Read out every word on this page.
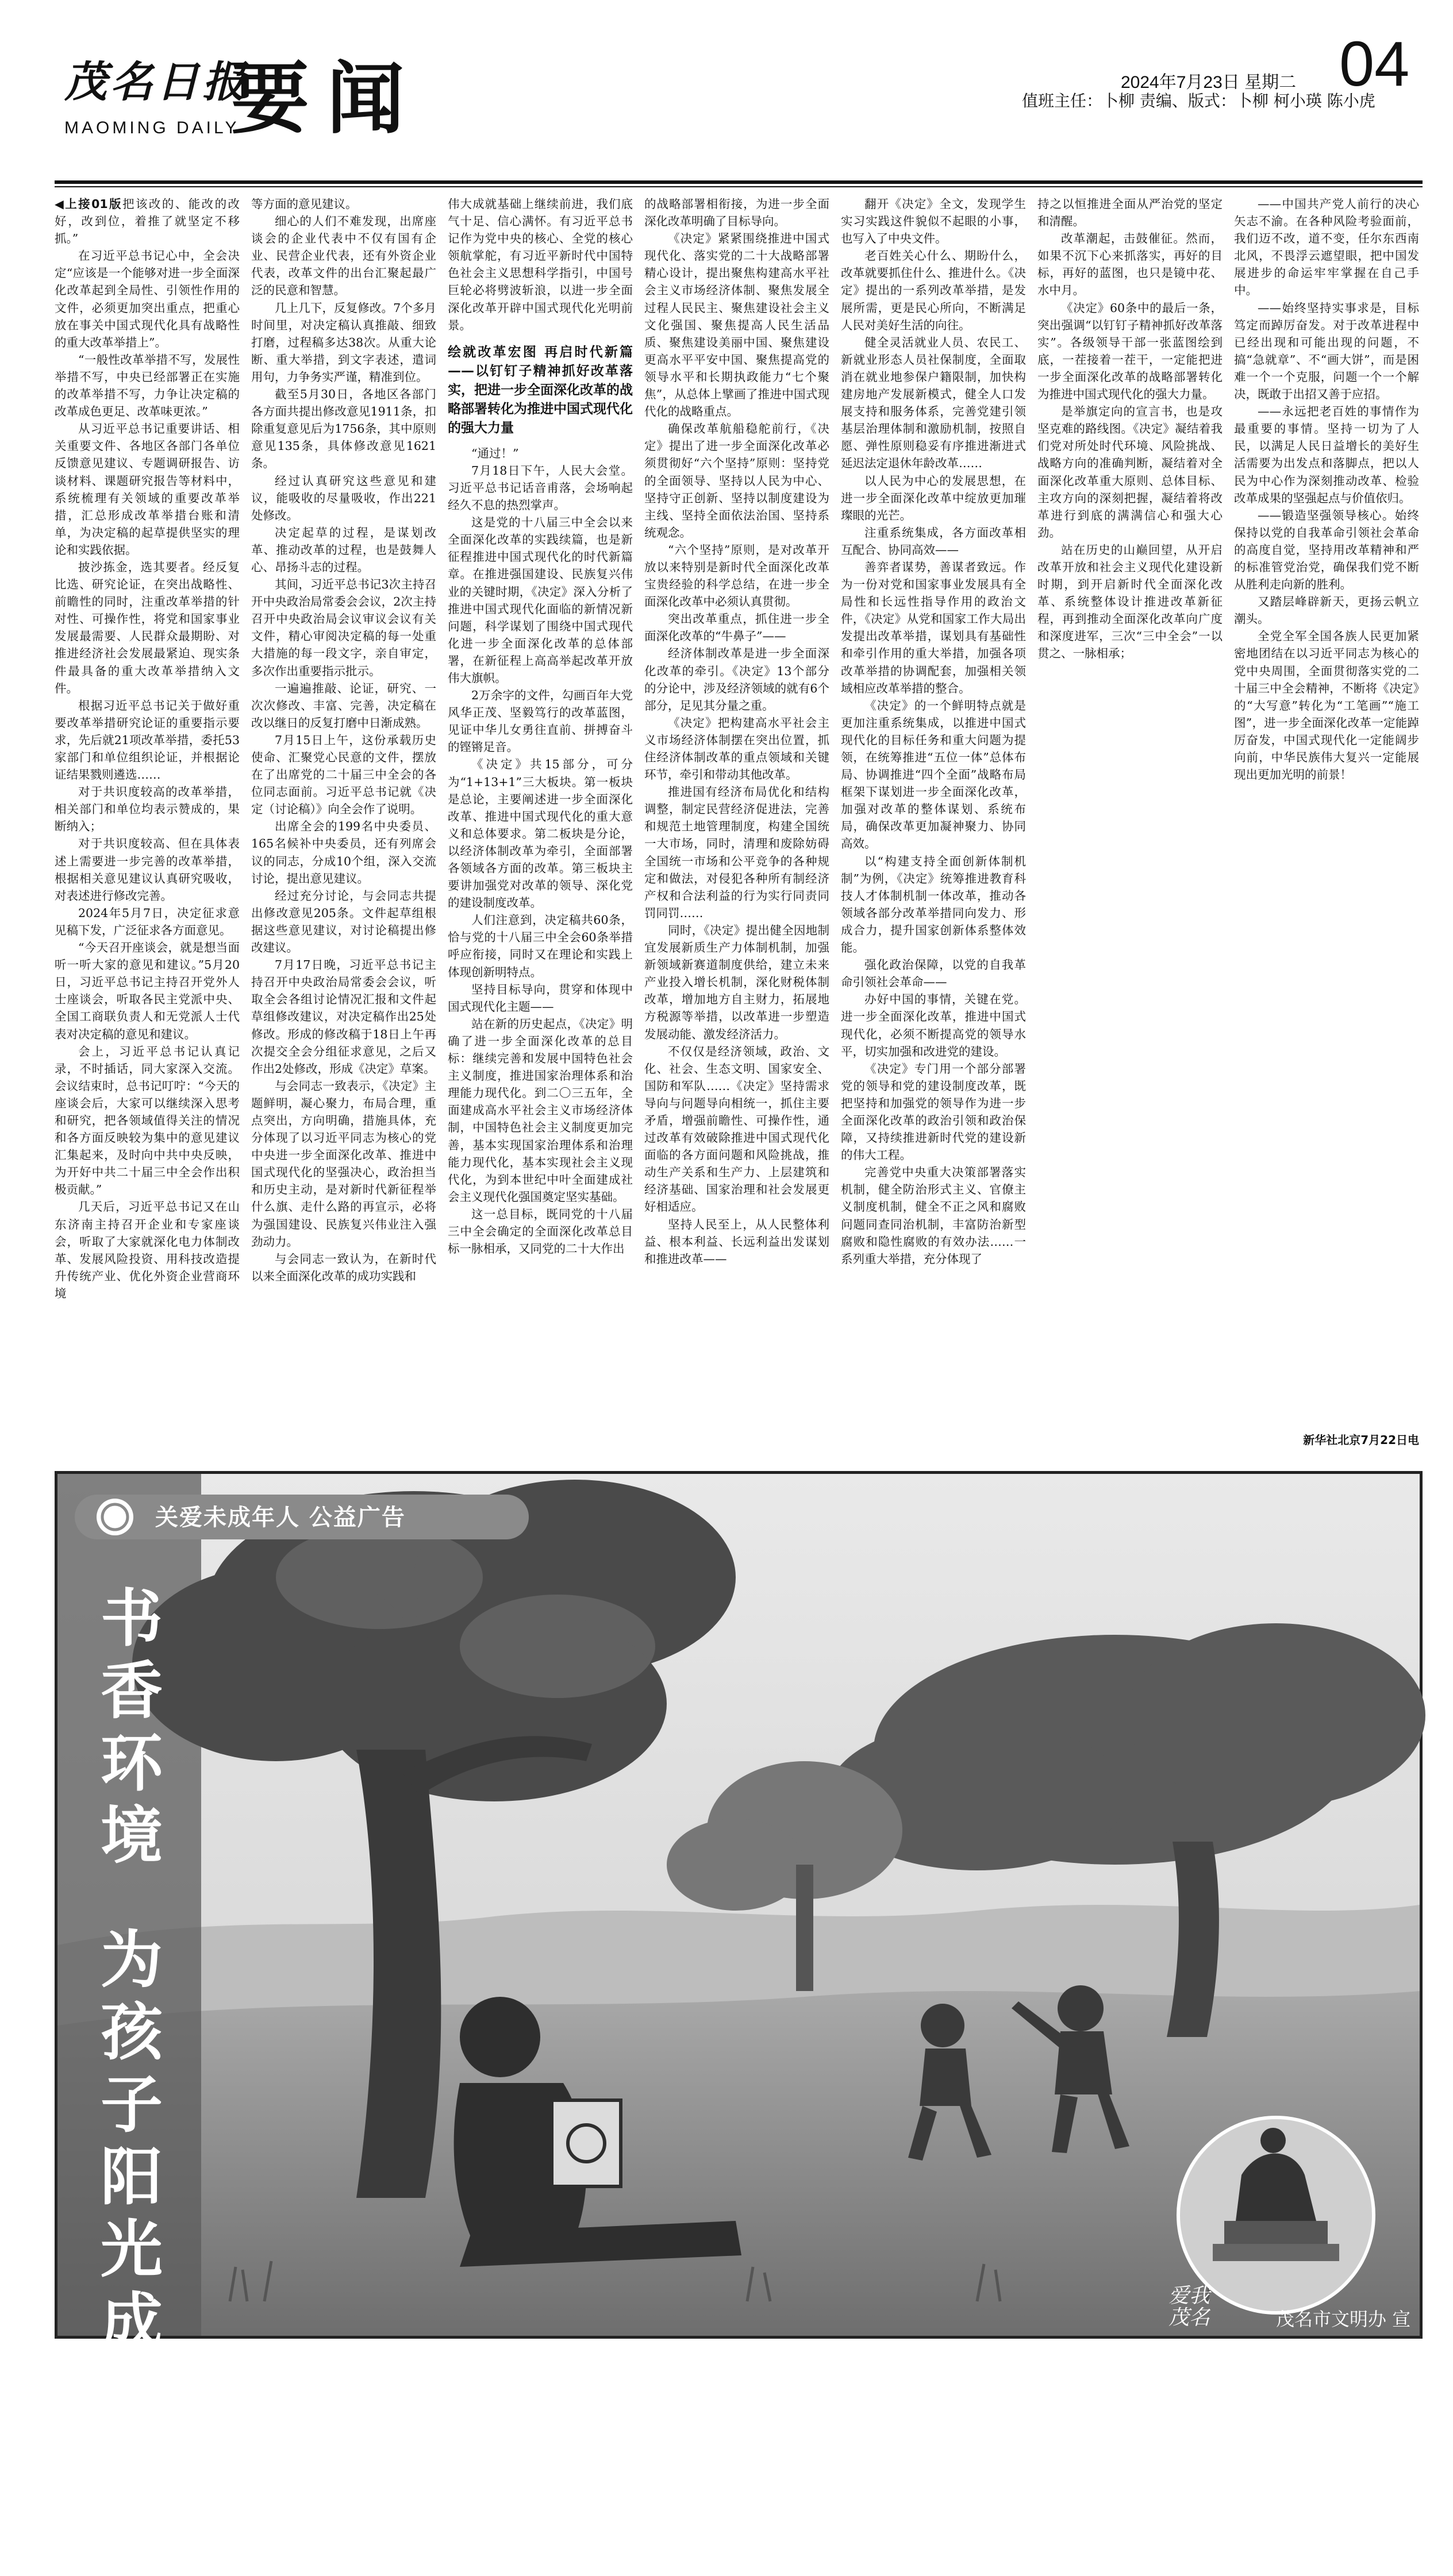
茂名日报
MAOMING DAILY
要闻	2024年7月23日 星期二
值班主任：卜柳 责编、版式：卜柳 柯小瑛 陈小虎
04

◀上接01版把该改的、能改的改好，改到位，着推了就坚定不移抓。”

在习近平总书记心中，全会决定“应该是一个能够对进一步全面深化改革起到全局性、引领性作用的文件，必须更加突出重点，把重心放在事关中国式现代化具有战略性的重大改革举措上”。

“一般性改革举措不写，发展性举措不写，中央已经部署正在实施的改革举措不写，力争让决定稿的改革成色更足、改革味更浓。”

从习近平总书记重要讲话、相关重要文件、各地区各部门各单位反馈意见建议、专题调研报告、访谈材料、课题研究报告等材料中，系统梳理有关领域的重要改革举措，汇总形成改革举措台账和清单，为决定稿的起草提供坚实的理论和实践依据。

披沙拣金，选其要者。经反复比选、研究论证，在突出战略性、前瞻性的同时，注重改革举措的针对性、可操作性，将党和国家事业发展最需要、人民群众最期盼、对推进经济社会发展最紧迫、现实条件最具备的重大改革举措纳入文件。

根据习近平总书记关于做好重要改革举措研究论证的重要指示要求，先后就21项改革举措，委托53家部门和单位组织论证，并根据论证结果戮则遴选……

对于共识度较高的改革举措，相关部门和单位均表示赞成的，果断纳入；

对于共识度较高、但在具体表述上需要进一步完善的改革举措，根据相关意见建议认真研究吸收，对表述进行修改完善。

2024年5月7日，决定征求意见稿下发，广泛征求各方面意见。

“今天召开座谈会，就是想当面听一听大家的意见和建议。”5月20日，习近平总书记主持召开党外人士座谈会，听取各民主党派中央、全国工商联负责人和无党派人士代表对决定稿的意见和建议。

会上，习近平总书记认真记录，不时插话，同大家深入交流。会议结束时，总书记叮咛：“今天的座谈会后，大家可以继续深入思考和研究，把各领域值得关注的情况和各方面反映较为集中的意见建议汇集起来，及时向中共中央反映，为开好中共二十届三中全会作出积极贡献。”

几天后，习近平总书记又在山东济南主持召开企业和专家座谈会，听取了大家就深化电力体制改革、发展风险投资、用科技改造提升传统产业、优化外资企业营商环境

等方面的意见建议。

细心的人们不难发现，出席座谈会的企业代表中不仅有国有企业、民营企业代表，还有外资企业代表，改革文件的出台汇聚起最广泛的民意和智慧。

几上几下，反复修改。7个多月时间里，对决定稿认真推敲、细致打磨，过程稿多达38次。从重大论断、重大举措，到文字表述，遣词用句，力争务实严谨，精准到位。

截至5月30日，各地区各部门各方面共提出修改意见1911条，扣除重复意见后为1756条，其中原则意见135条，具体修改意见1621条。

经过认真研究这些意见和建议，能吸收的尽量吸收，作出221处修改。

决定起草的过程，是谋划改革、推动改革的过程，也是鼓舞人心、昂扬斗志的过程。

其间，习近平总书记3次主持召开中央政治局常委会会议，2次主持召开中央政治局会议审议会议有关文件，精心审阅决定稿的每一处重大措施的每一段文字，亲自审定，多次作出重要指示批示。

一遍遍推敲、论证，研究、一次次修改、丰富、完善，决定稿在改以继日的反复打磨中日渐成熟。

7月15日上午，这份承载历史使命、汇聚党心民意的文件，摆放在了出席党的二十届三中全会的各位同志面前。习近平总书记就《决定（讨论稿）》向全会作了说明。

出席全会的199名中央委员、165名候补中央委员，还有列席会议的同志，分成10个组，深入交流讨论，提出意见建议。

经过充分讨论，与会同志共提出修改意见205条。文件起草组根据这些意见建议，对讨论稿提出修改建议。

7月17日晚，习近平总书记主持召开中央政治局常委会会议，听取全会各组讨论情况汇报和文件起草组修改建议，对决定稿作出25处修改。形成的修改稿于18日上午再次提交全会分组征求意见，之后又作出2处修改，形成《决定》草案。

与会同志一致表示，《决定》主题鲜明，凝心聚力，布局合理，重点突出，方向明确，措施具体，充分体现了以习近平同志为核心的党中央进一步全面深化改革、推进中国式现代化的坚强决心，政治担当和历史主动，是对新时代新征程举什么旗、走什么路的再宣示，必将为强国建设、民族复兴伟业注入强劲动力。

与会同志一致认为，在新时代以来全面深化改革的成功实践和

伟大成就基础上继续前进，我们底气十足、信心满怀。有习近平总书记作为党中央的核心、全党的核心领航掌舵，有习近平新时代中国特色社会主义思想科学指引，中国号巨轮必将劈波斩浪，以进一步全面深化改革开辟中国式现代化光明前景。

绘就改革宏图 再启时代新篇——以钉钉子精神抓好改革落实，把进一步全面深化改革的战略部署转化为推进中国式现代化的强大力量

“通过！”

7月18日下午，人民大会堂。习近平总书记话音甫落，会场响起经久不息的热烈掌声。

这是党的十八届三中全会以来全面深化改革的实践续篇，也是新征程推进中国式现代化的时代新篇章。在推进强国建设、民族复兴伟业的关键时期，《决定》深入分析了推进中国式现代化面临的新情况新问题，科学谋划了围绕中国式现代化进一步全面深化改革的总体部署，在新征程上高高举起改革开放伟大旗帜。

2万余字的文件，勾画百年大党风华正茂、坚毅笃行的改革蓝图，见证中华儿女勇往直前、拼搏奋斗的铿锵足音。

《决定》共15部分，可分为“1+13+1”三大板块。第一板块是总论，主要阐述进一步全面深化改革、推进中国式现代化的重大意义和总体要求。第二板块是分论，以经济体制改革为牵引，全面部署各领域各方面的改革。第三板块主要讲加强党对改革的领导、深化党的建设制度改革。

人们注意到，决定稿共60条，恰与党的十八届三中全会60条举措呼应衔接，同时又在理论和实践上体现创新明特点。

坚持目标导向，贯穿和体现中国式现代化主题——

站在新的历史起点，《决定》明确了进一步全面深化改革的总目标：继续完善和发展中国特色社会主义制度，推进国家治理体系和治理能力现代化。到二〇三五年，全面建成高水平社会主义市场经济体制，中国特色社会主义制度更加完善，基本实现国家治理体系和治理能力现代化，基本实现社会主义现代化，为到本世纪中叶全面建成社会主义现代化强国奠定坚实基础。

这一总目标，既同党的十八届三中全会确定的全面深化改革总目标一脉相承，又同党的二十大作出

的战略部署相衔接，为进一步全面深化改革明确了目标导向。

《决定》紧紧围绕推进中国式现代化、落实党的二十大战略部署精心设计，提出聚焦构建高水平社会主义市场经济体制、聚焦发展全过程人民民主、聚焦建设社会主义文化强国、聚焦提高人民生活品质、聚焦建设美丽中国、聚焦建设更高水平平安中国、聚焦提高党的领导水平和长期执政能力“七个聚焦”，从总体上擘画了推进中国式现代化的战略重点。

确保改革航船稳舵前行，《决定》提出了进一步全面深化改革必须贯彻好“六个坚持”原则：坚持党的全面领导、坚持以人民为中心、坚持守正创新、坚持以制度建设为主线、坚持全面依法治国、坚持系统观念。

“六个坚持”原则，是对改革开放以来特别是新时代全面深化改革宝贵经验的科学总结，在进一步全面深化改革中必须认真贯彻。

突出改革重点，抓住进一步全面深化改革的“牛鼻子”——

经济体制改革是进一步全面深化改革的牵引。《决定》13个部分的分论中，涉及经济领域的就有6个部分，足见其分量之重。

《决定》把构建高水平社会主义市场经济体制摆在突出位置，抓住经济体制改革的重点领域和关键环节，牵引和带动其他改革。

推进国有经济布局优化和结构调整，制定民营经济促进法，完善和规范土地管理制度，构建全国统一大市场，同时，清理和废除妨碍全国统一市场和公平竞争的各种规定和做法，对侵犯各种所有制经济产权和合法利益的行为实行同责同罚同罚……

同时，《决定》提出健全因地制宜发展新质生产力体制机制，加强新领域新赛道制度供给，建立未来产业投入增长机制，深化财税体制改革，增加地方自主财力，拓展地方税源等举措，以改革进一步塑造发展动能、激发经济活力。

不仅仅是经济领域，政治、文化、社会、生态文明、国家安全、国防和军队……《决定》坚持需求导向与问题导向相统一，抓住主要矛盾，增强前瞻性、可操作性，通过改革有效破除推进中国式现代化面临的各方面问题和风险挑战，推动生产关系和生产力、上层建筑和经济基础、国家治理和社会发展更好相适应。

坚持人民至上，从人民整体利益、根本利益、长远利益出发谋划和推进改革——

翻开《决定》全文，发现学生实习实践这件貌似不起眼的小事，也写入了中央文件。

老百姓关心什么、期盼什么，改革就要抓住什么、推进什么。《决定》提出的一系列改革举措，是发展所需，更是民心所向，不断满足人民对美好生活的向往。

健全灵活就业人员、农民工、新就业形态人员社保制度，全面取消在就业地参保户籍限制，加快构建房地产发展新模式，健全人口发展支持和服务体系，完善党建引领基层治理体制和激励机制，按照自愿、弹性原则稳妥有序推进渐进式延迟法定退休年龄改革……

以人民为中心的发展思想，在进一步全面深化改革中绽放更加璀璨眼的光芒。

注重系统集成，各方面改革相互配合、协同高效——

善弈者谋势，善谋者致远。作为一份对党和国家事业发展具有全局性和长远性指导作用的政治文件，《决定》从党和国家工作大局出发提出改革举措，谋划具有基础性和牵引作用的重大举措，加强各项改革举措的协调配套，加强相关领域相应改革举措的整合。

《决定》的一个鲜明特点就是更加注重系统集成，以推进中国式现代化的目标任务和重大问题为提领，在统筹推进“五位一体”总体布局、协调推进“四个全面”战略布局框架下谋划进一步全面深化改革，加强对改革的整体谋划、系统布局，确保改革更加凝神聚力、协同高效。

以“构建支持全面创新体制机制”为例，《决定》统筹推进教育科技人才体制机制一体改革，推动各领域各部分改革举措同向发力、形成合力，提升国家创新体系整体效能。

强化政治保障，以党的自我革命引领社会革命——

办好中国的事情，关键在党。进一步全面深化改革，推进中国式现代化，必须不断提高党的领导水平，切实加强和改进党的建设。

《决定》专门用一个部分部署党的领导和党的建设制度改革，既把坚持和加强党的领导作为进一步全面深化改革的政治引领和政治保障，又持续推进新时代党的建设新的伟大工程。

完善党中央重大决策部署落实机制，健全防治形式主义、官僚主义制度机制，健全不正之风和腐败问题同查同治机制，丰富防治新型腐败和隐性腐败的有效办法……一系列重大举措，充分体现了

持之以恒推进全面从严治党的坚定和清醒。

改革潮起，击鼓催征。然而，如果不沉下心来抓落实，再好的目标，再好的蓝图，也只是镜中花、水中月。

《决定》60条中的最后一条，突出强调“以钉钉子精神抓好改革落实”。各级领导干部一张蓝图绘到底，一茬接着一茬干，一定能把进一步全面深化改革的战略部署转化为推进中国式现代化的强大力量。

是举旗定向的宣言书，也是攻坚克难的路线图。《决定》凝结着我们党对所处时代环境、风险挑战、战略方向的准确判断，凝结着对全面深化改革重大原则、总体目标、主攻方向的深刻把握，凝结着将改革进行到底的满满信心和强大心劲。

站在历史的山巅回望，从开启改革开放和社会主义现代化建设新时期，到开启新时代全面深化改革、系统整体设计推进改革新征程，再到推动全面深化改革向广度和深度进军，三次“三中全会”一以贯之、一脉相承；

——中国共产党人前行的决心矢志不渝。在各种风险考验面前，我们迈不改，道不变，任尔东西南北风，不畏浮云遮望眼，把中国发展进步的命运牢牢掌握在自己手中。

——始终坚持实事求是，目标笃定而踔厉奋发。对于改革进程中已经出现和可能出现的问题，不搞“急就章”、不“画大饼”，而是困难一个一个克服，问题一个一个解决，既敢于出招又善于应招。

——永远把老百姓的事情作为最重要的事情。坚持一切为了人民，以满足人民日益增长的美好生活需要为出发点和落脚点，把以人民为中心作为深刻推动改革、检验改革成果的坚强起点与价值依归。

——锻造坚强领导核心。始终保持以党的自我革命引领社会革命的高度自觉，坚持用改革精神和严的标准管党治党，确保我们党不断从胜利走向新的胜利。

又踏层峰辟新天，更扬云帆立潮头。

全党全军全国各族人民更加紧密地团结在以习近平同志为核心的党中央周围，全面贯彻落实党的二十届三中全会精神，不断将《决定》的“大写意”转化为“工笔画”“施工图”，进一步全面深化改革一定能踔厉奋发，中国式现代化一定能阔步向前，中华民族伟大复兴一定能展现出更加光明的前景！

新华社北京7月22日电
关爱未成年人 公益广告
书香环境
为孩子阳光成长护航
爱我茂名	茂名市文明办 宣
